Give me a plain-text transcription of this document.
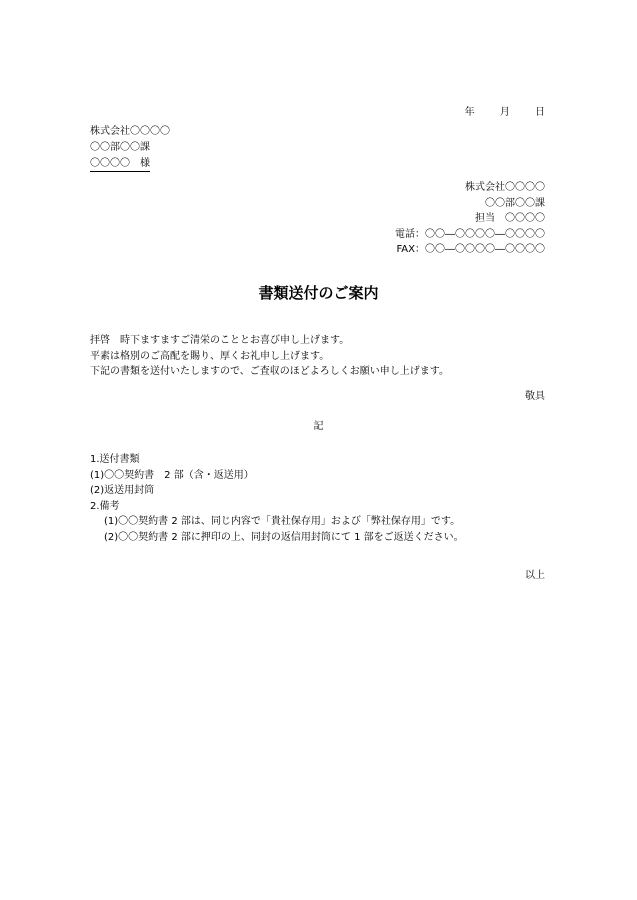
年	月	日
株式会社〇〇〇〇
〇〇部〇〇課
〇〇〇〇　様
株式会社〇〇〇〇
〇〇部〇〇課
担当　〇〇〇〇
電話：〇〇―〇〇〇〇―〇〇〇〇
FAX：〇〇―〇〇〇〇―〇〇〇〇
書類送付のご案内
拝啓　時下ますますご清栄のこととお喜び申し上げます。
平素は格別のご高配を賜り、厚くお礼申し上げます。
下記の書類を送付いたしますので、ご査収のほどよろしくお願い申し上げます。
敬具
記
1.送付書類
(1)〇〇契約書　2 部（含・返送用）
(2)返送用封筒
2.備考
(1)〇〇契約書 2 部は、同じ内容で「貴社保存用」および「弊社保存用」です。
(2)〇〇契約書 2 部に押印の上、同封の返信用封筒にて 1 部をご返送ください。
以上
